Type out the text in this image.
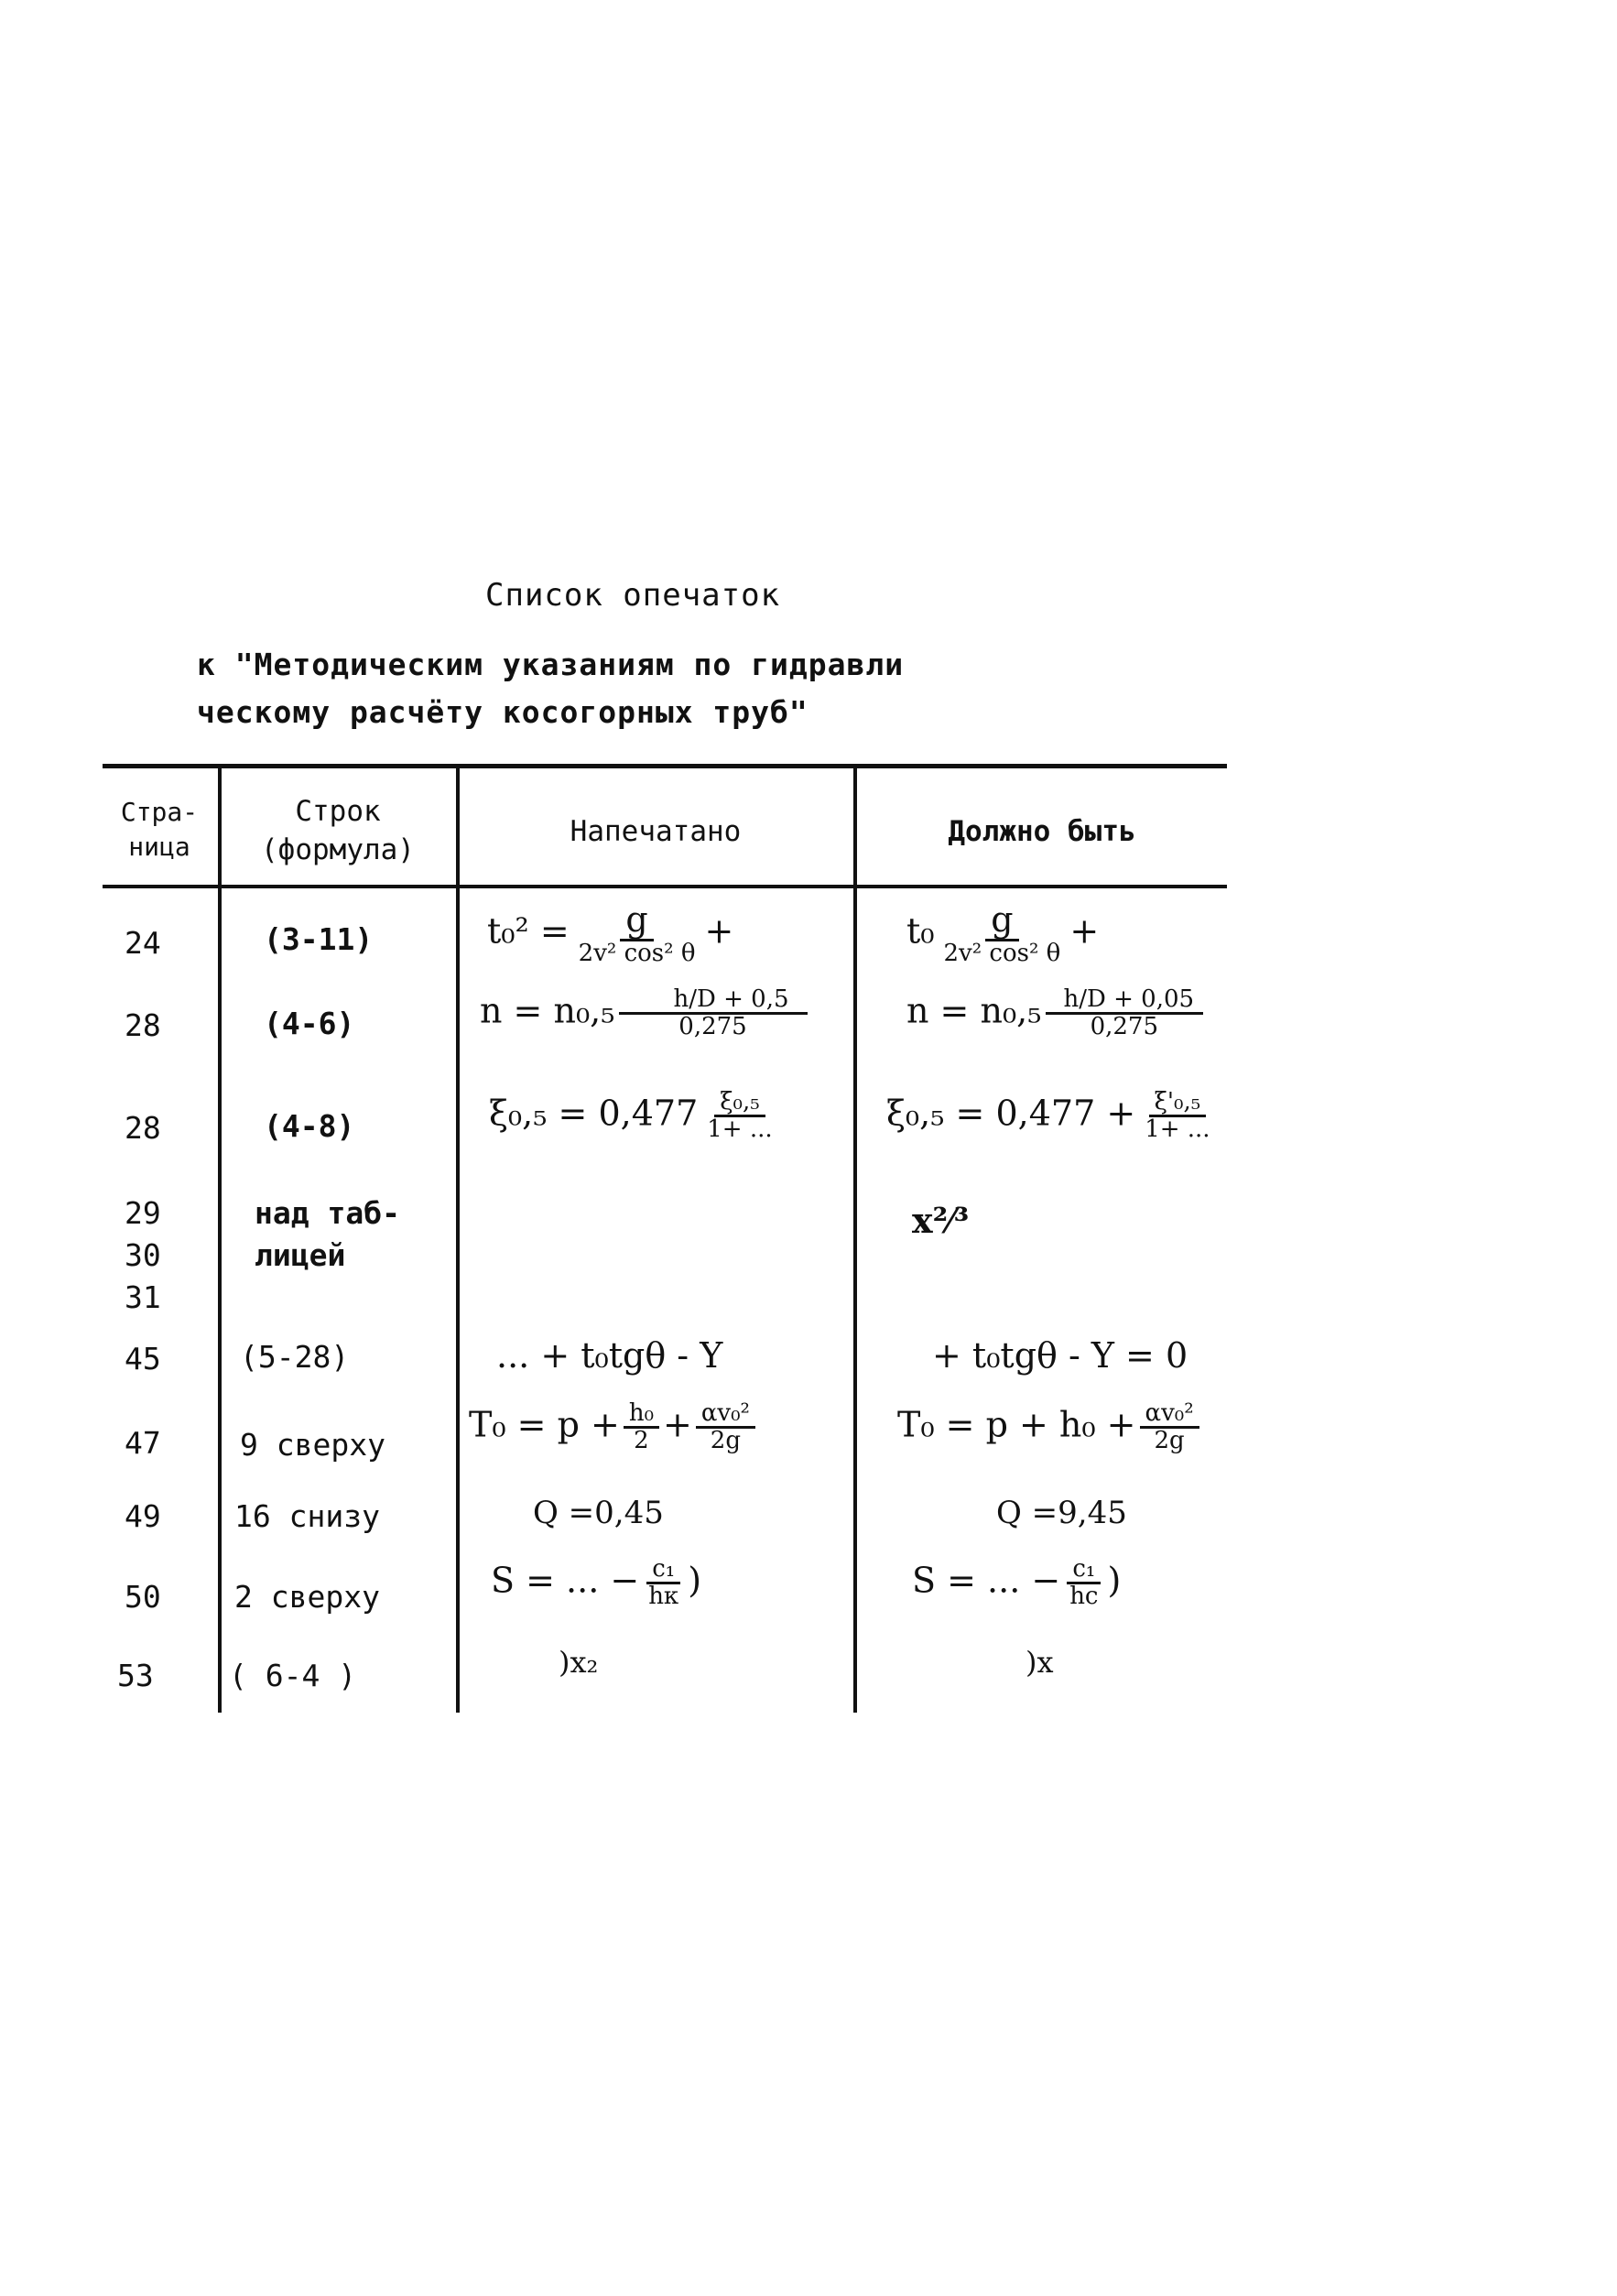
Список опечаток
к "Методическим указаниям по гидравли
ческому расчёту косогорных труб"
Стра-
ница
Строк
(формула)
Напечатано	Должно быть
24
28
28
29
30
31
45
47
49
50
53
(3-11)
(4-6)
(4-8)
над таб-
лицей
(5-28)
9 сверху
16 снизу
2 сверху
( 6-4 )
$t_0^2 = \frac{g}{\text{2v² cos² θ}}$ +
$n = n_0,_5 \frac{h/D + 0,5}{0,275}$
$\xi_0,_5 = 0,477 \frac{\text{ξ₀,₅}}{1+ ...}$
... + t₀tgθ - Y
$T_0 = p + \frac{\text{h₀}}{2} + \frac{\text{αv₀²}}{2g}$
Q =0,45
S = ... − $\frac{\text{c₁}}{hк}$ )
)x₂
$t_0 \frac{g}{\text{2v² cos² θ}}$ +
$n = n_0,_5 \frac{h/D + 0,05}{0,275}$
$\xi_0,_5 = 0,477 + \frac{\text{ξ'₀,₅}}{1+ ...}$
x²⁄³
+ t₀tgθ - Y = 0
$T_0 = p + h_0 + \frac{\text{αv₀²}}{2g}$
Q =9,45
S = ... − $\frac{\text{c₁}}{hc}$ )
)x
